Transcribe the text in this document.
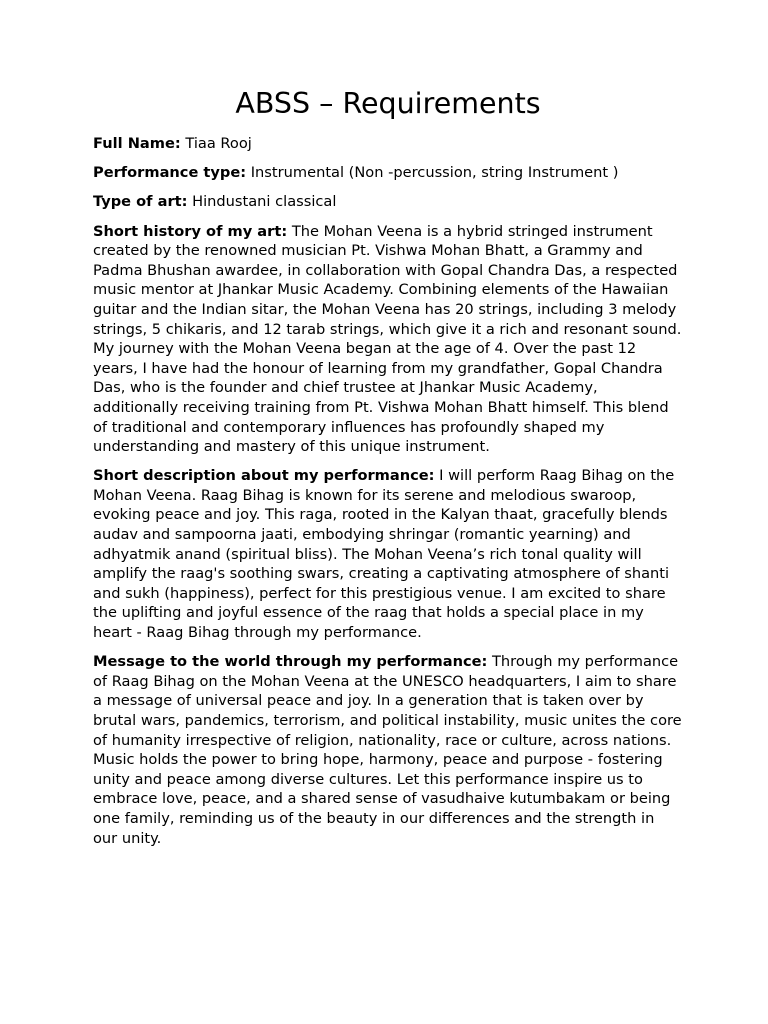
ABSS – Requirements

Full Name: Tiaa Rooj

Performance type: Instrumental (Non -percussion, string Instrument )

Type of art: Hindustani classical

Short history of my art: The Mohan Veena is a hybrid stringed instrument created by the renowned musician Pt. Vishwa Mohan Bhatt, a Grammy and Padma Bhushan awardee, in collaboration with Gopal Chandra Das, a respected music mentor at Jhankar Music Academy. Combining elements of the Hawaiian guitar and the Indian sitar, the Mohan Veena has 20 strings, including 3 melody strings, 5 chikaris, and 12 tarab strings, which give it a rich and resonant sound. My journey with the Mohan Veena began at the age of 4. Over the past 12 years, I have had the honour of learning from my grandfather, Gopal Chandra Das, who is the founder and chief trustee at Jhankar Music Academy, additionally receiving training from Pt. Vishwa Mohan Bhatt himself. This blend of traditional and contemporary influences has profoundly shaped my understanding and mastery of this unique instrument.

Short description about my performance: I will perform Raag Bihag on the Mohan Veena. Raag Bihag is known for its serene and melodious swaroop, evoking peace and joy. This raga, rooted in the Kalyan thaat, gracefully blends audav and sampoorna jaati, embodying shringar (romantic yearning) and adhyatmik anand (spiritual bliss). The Mohan Veena’s rich tonal quality will amplify the raag's soothing swars, creating a captivating atmosphere of shanti and sukh (happiness), perfect for this prestigious venue. I am excited to share the uplifting and joyful essence of the raag that holds a special place in my heart - Raag Bihag through my performance.

Message to the world through my performance: Through my performance of Raag Bihag on the Mohan Veena at the UNESCO headquarters, I aim to share a message of universal peace and joy. In a generation that is taken over by brutal wars, pandemics, terrorism, and political instability, music unites the core of humanity irrespective of religion, nationality, race or culture, across nations. Music holds the power to bring hope, harmony, peace and purpose - fostering unity and peace among diverse cultures. Let this performance inspire us to embrace love, peace, and a shared sense of vasudhaive kutumbakam or being one family, reminding us of the beauty in our differences and the strength in our unity.
